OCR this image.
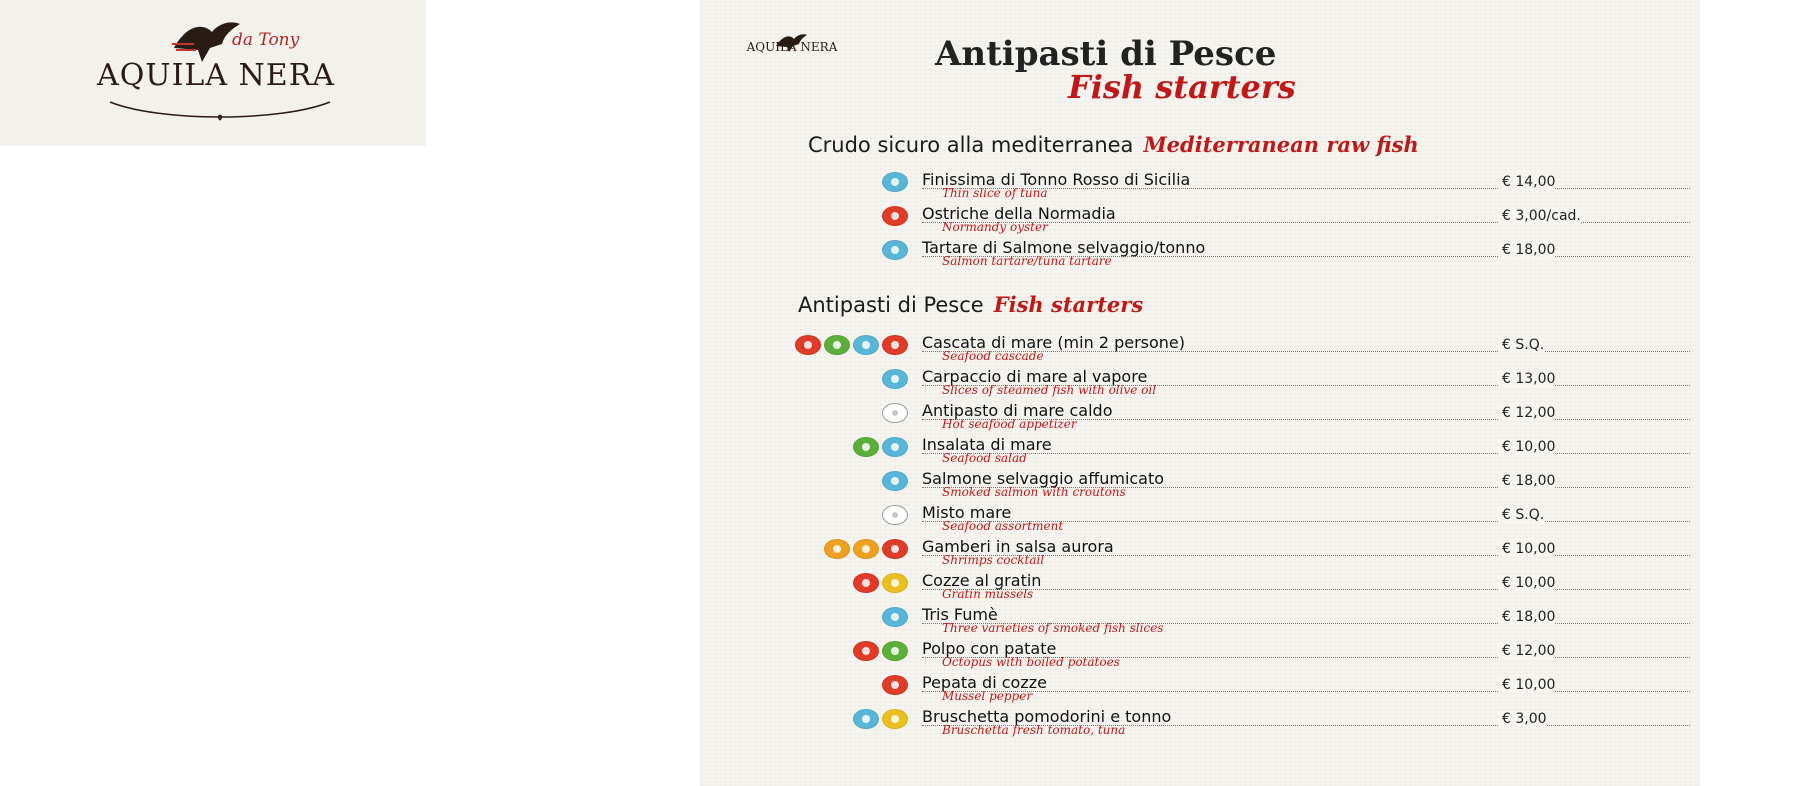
da Tony
AQUILA NERA
AQUILA NERA	Antipasti di Pesce
Fish starters
Crudo sicuro alla mediterranea Mediterranean raw fish
Finissima di Tonno Rosso di Sicilia
Thin slice of tuna
€ 14,00
Ostriche della Normadia
Normandy oyster
€ 3,00/cad.
Tartare di Salmone selvaggio/tonno
Salmon tartare/tuna tartare
€ 18,00
Antipasti di Pesce Fish starters
Cascata di mare (min 2 persone)
Seafood cascade
€ S.Q.
Carpaccio di mare al vapore
Slices of steamed fish with olive oil
€ 13,00
Antipasto di mare caldo
Hot seafood appetizer
€ 12,00
Insalata di mare
Seafood salad
€ 10,00
Salmone selvaggio affumicato
Smoked salmon with croutons
€ 18,00
Misto mare
Seafood assortment
€ S.Q.
Gamberi in salsa aurora
Shrimps cocktail
€ 10,00
Cozze al gratin
Gratin mussels
€ 10,00
Tris Fumè
Three varieties of smoked fish slices
€ 18,00
Polpo con patate
Octopus with boiled potatoes
€ 12,00
Pepata di cozze
Mussel pepper
€ 10,00
Bruschetta pomodorini e tonno
Bruschetta fresh tomato, tuna
€ 3,00
